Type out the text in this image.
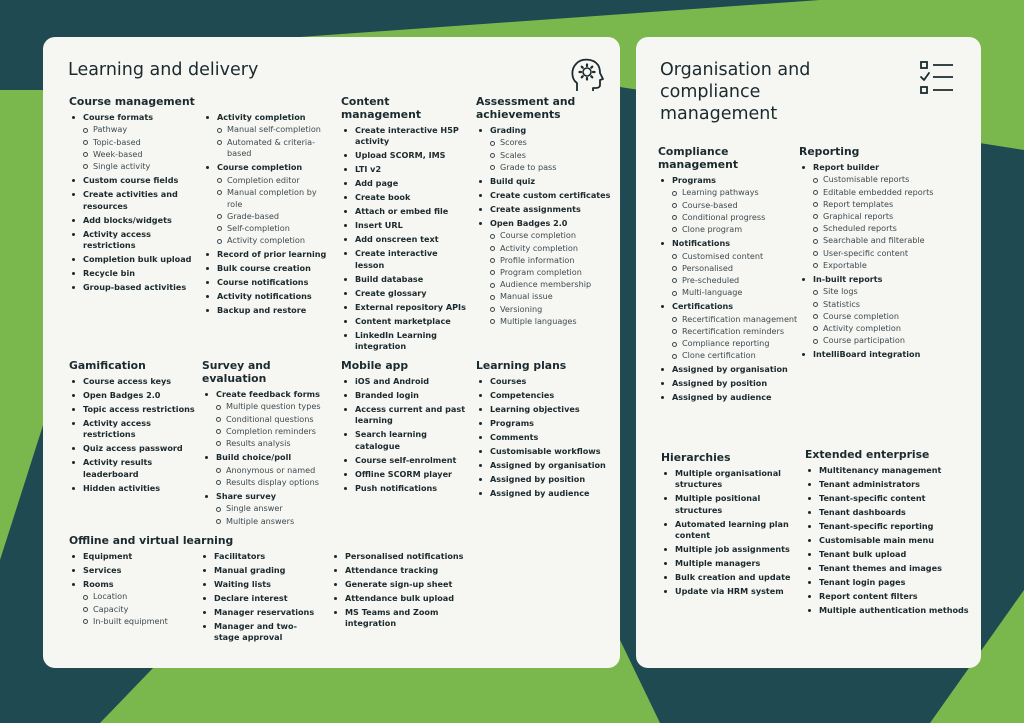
Learning and delivery
Course management
Course formats
Pathway
Topic-based
Week-based
Single activity
Custom course fields
Create activities and resources
Add blocks/widgets
Activity access restrictions
Completion bulk upload
Recycle bin
Group-based activities
Activity completion
Manual self-completion
Automated & criteria-based
Course completion
Completion editor
Manual completion by role
Grade-based
Self-completion
Activity completion
Record of prior learning
Bulk course creation
Course notifications
Activity notifications
Backup and restore
Content management
Create interactive H5P activity
Upload SCORM, IMS
LTI v2
Add page
Create book
Attach or embed file
Insert URL
Add onscreen text
Create interactive lesson
Build database
Create glossary
External repository APIs
Content marketplace
LinkedIn Learning integration
Assessment and achievements
Grading
Scores
Scales
Grade to pass
Build quiz
Create custom certificates
Create assignments
Open Badges 2.0
Course completion
Activity completion
Profile information
Program completion
Audience membership
Manual issue
Versioning
Multiple languages
Gamification
Course access keys
Open Badges 2.0
Topic access restrictions
Activity access restrictions
Quiz access password
Activity results leaderboard
Hidden activities
Survey and evaluation
Create feedback forms
Multiple question types
Conditional questions
Completion reminders
Results analysis
Build choice/poll
Anonymous or named
Results display options
Share survey
Single answer
Multiple answers
Mobile app
iOS and Android
Branded login
Access current and past learning
Search learning catalogue
Course self-enrolment
Offline SCORM player
Push notifications
Learning plans
Courses
Competencies
Learning objectives
Programs
Comments
Customisable workflows
Assigned by organisation
Assigned by position
Assigned by audience
Offline and virtual learning
Equipment
Services
Rooms
Location
Capacity
In-built equipment
Facilitators
Manual grading
Waiting lists
Declare interest
Manager reservations
Manager and two-stage approval
Personalised notifications
Attendance tracking
Generate sign-up sheet
Attendance bulk upload
MS Teams and Zoom integration
Organisation and compliance management
Compliance management
Programs
Learning pathways
Course-based
Conditional progress
Clone program
Notifications
Customised content
Personalised
Pre-scheduled
Multi-language
Certifications
Recertification management
Recertification reminders
Compliance reporting
Clone certification
Assigned by organisation
Assigned by position
Assigned by audience
Reporting
Report builder
Customisable reports
Editable embedded reports
Report templates
Graphical reports
Scheduled reports
Searchable and filterable
User-specific content
Exportable
In-built reports
Site logs
Statistics
Course completion
Activity completion
Course participation
IntelliBoard integration
Hierarchies
Multiple organisational structures
Multiple positional structures
Automated learning plan content
Multiple job assignments
Multiple managers
Bulk creation and update
Update via HRM system
Extended enterprise
Multitenancy management
Tenant administrators
Tenant-specific content
Tenant dashboards
Tenant-specific reporting
Customisable main menu
Tenant bulk upload
Tenant themes and images
Tenant login pages
Report content filters
Multiple authentication methods
